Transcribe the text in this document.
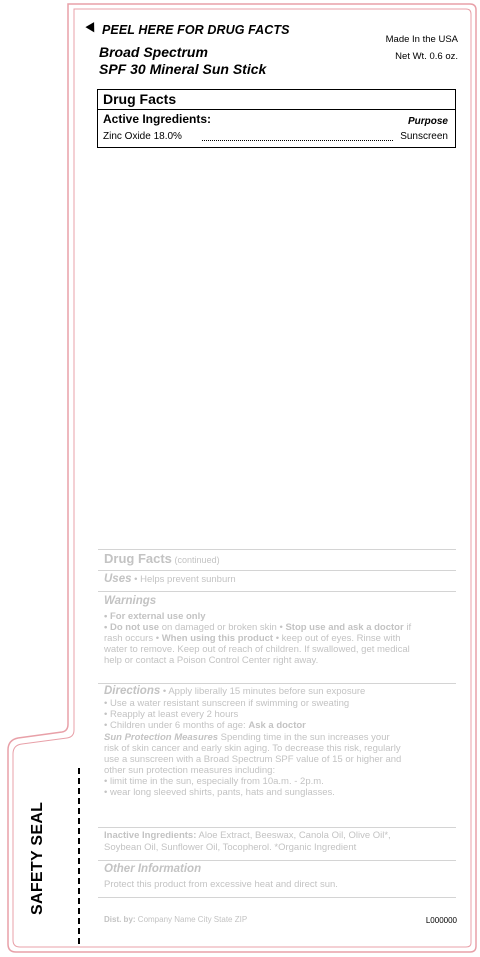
PEEL HERE FOR DRUG FACTS
Made In the USA
Net Wt. 0.6 oz.
Broad Spectrum
SPF 30 Mineral Sun Stick
Drug Facts
Active Ingredients:	Purpose
Zinc Oxide 18.0%	Sunscreen
Drug Facts (continued)
Uses • Helps prevent sunburn
Warnings
• For external use only
• Do not use on damaged or broken skin • Stop use and ask a doctor if
rash occurs • When using this product • keep out of eyes. Rinse with
water to remove. Keep out of reach of children. If swallowed, get medical
help or contact a Poison Control Center right away.
Directions • Apply liberally 15 minutes before sun exposure
• Use a water resistant sunscreen if swimming or sweating
• Reapply at least every 2 hours
• Children under 6 months of age: Ask a doctor
Sun Protection Measures Spending time in the sun increases your
risk of skin cancer and early skin aging. To decrease this risk, regularly
use a sunscreen with a Broad Spectrum SPF value of 15 or higher and
other sun protection measures including:
• limit time in the sun, especially from 10a.m. - 2p.m.
• wear long sleeved shirts, pants, hats and sunglasses.
Inactive Ingredients: Aloe Extract, Beeswax, Canola Oil, Olive Oil*,
Soybean Oil, Sunflower Oil, Tocopherol. *Organic Ingredient
Other Information
Protect this product from excessive heat and direct sun.
Dist. by: Company Name City State ZIP	L000000
SAFETY SEAL
